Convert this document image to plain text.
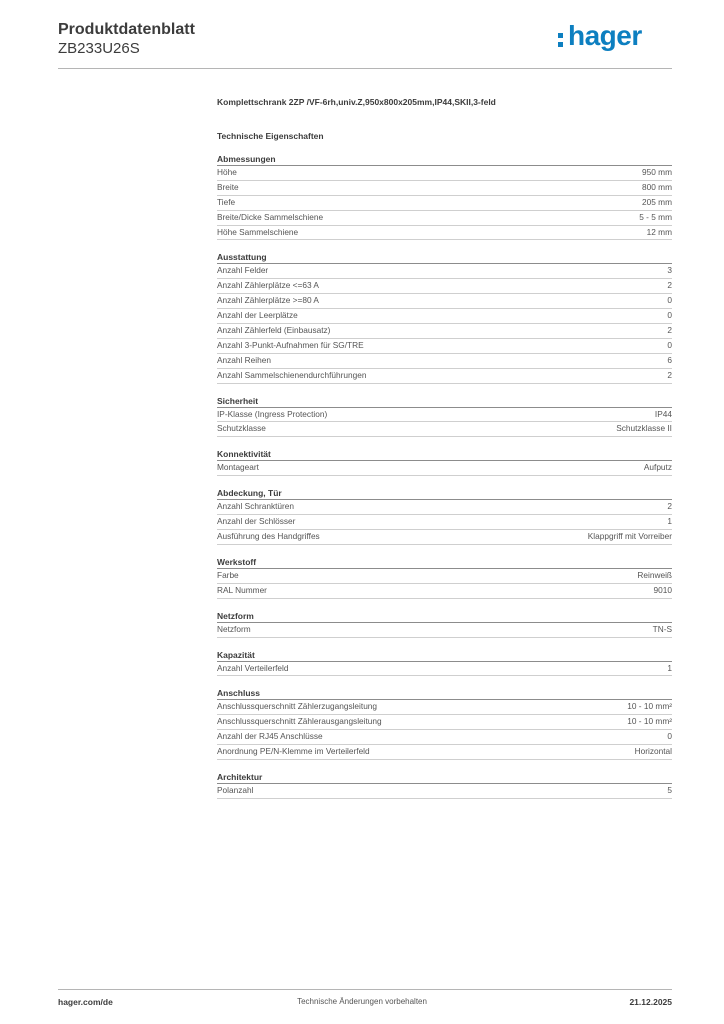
Produktdatenblatt
ZB233U26S	hager
Komplettschrank 2ZP /VF-6rh,univ.Z,950x800x205mm,IP44,SKII,3-feld
Technische Eigenschaften
Abmessungen
Höhe	950 mm
Breite	800 mm
Tiefe	205 mm
Breite/Dicke Sammelschiene	5 - 5 mm
Höhe Sammelschiene	12 mm
Ausstattung
Anzahl Felder	3
Anzahl Zählerplätze <=63 A	2
Anzahl Zählerplätze >=80 A	0
Anzahl der Leerplätze	0
Anzahl Zählerfeld (Einbausatz)	2
Anzahl 3-Punkt-Aufnahmen für SG/TRE	0
Anzahl Reihen	6
Anzahl Sammelschienendurchführungen	2
Sicherheit
IP-Klasse (Ingress Protection)	IP44
Schutzklasse	Schutzklasse II
Konnektivität
Montageart	Aufputz
Abdeckung, Tür
Anzahl Schranktüren	2
Anzahl der Schlösser	1
Ausführung des Handgriffes	Klappgriff mit Vorreiber
Werkstoff
Farbe	Reinweiß
RAL Nummer	9010
Netzform
Netzform	TN-S
Kapazität
Anzahl Verteilerfeld	1
Anschluss
Anschlussquerschnitt Zählerzugangsleitung	10 - 10 mm²
Anschlussquerschnitt Zählerausgangsleitung	10 - 10 mm²
Anzahl der RJ45 Anschlüsse	0
Anordnung PE/N-Klemme im Verteilerfeld	Horizontal
Architektur
Polanzahl	5
hager.com/de	Technische Änderungen vorbehalten	21.12.2025
